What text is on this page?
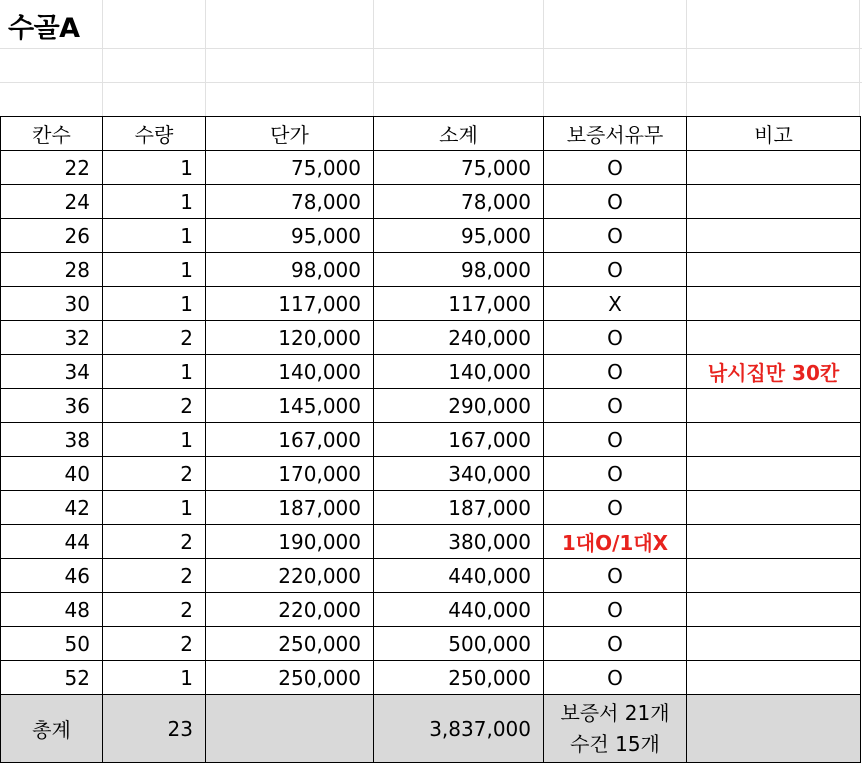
수골A
칸수	수량	단가	소계	보증서유무	비고
22	1	75,000	75,000	O	
24	1	78,000	78,000	O	
26	1	95,000	95,000	O	
28	1	98,000	98,000	O	
30	1	117,000	117,000	X	
32	2	120,000	240,000	O	
34	1	140,000	140,000	O	낚시집만 30칸
36	2	145,000	290,000	O	
38	1	167,000	167,000	O	
40	2	170,000	340,000	O	
42	1	187,000	187,000	O	
44	2	190,000	380,000	1대O/1대X	
46	2	220,000	440,000	O	
48	2	220,000	440,000	O	
50	2	250,000	500,000	O	
52	1	250,000	250,000	O	
총계	23		3,837,000	보증서 21개
수건 15개	
